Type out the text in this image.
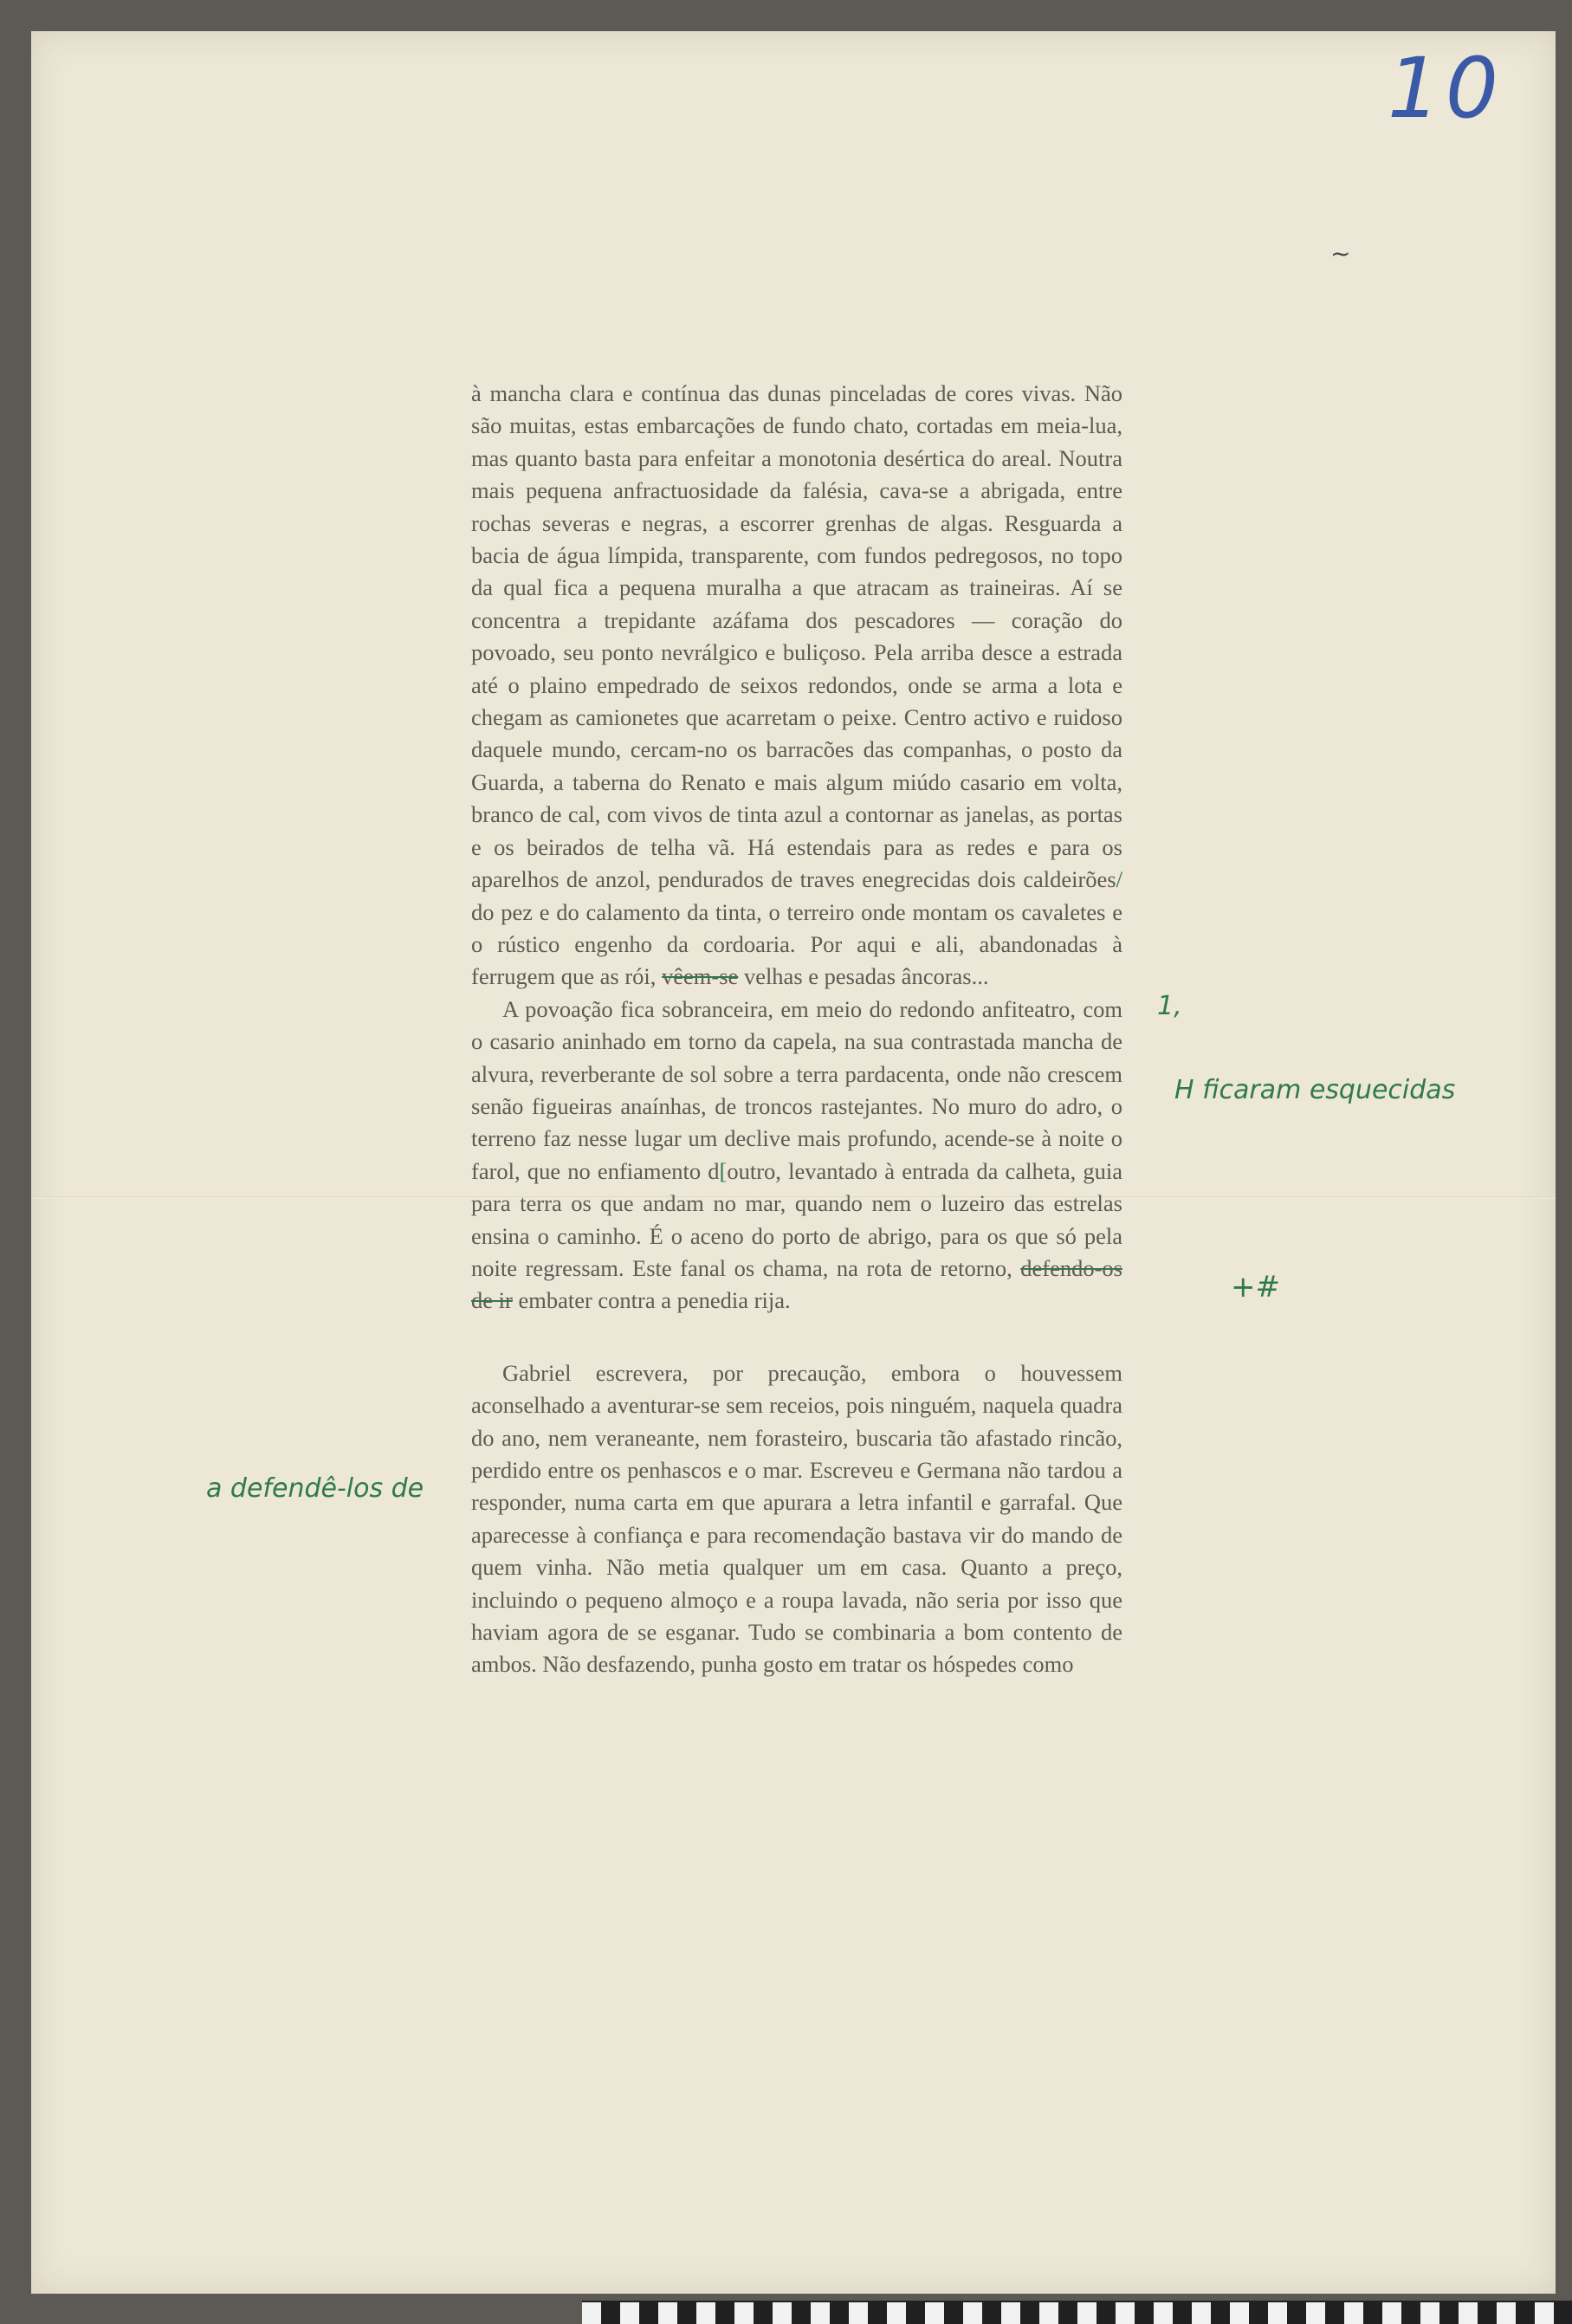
10
~

à mancha clara e contínua das dunas pinceladas de cores vivas. Não são muitas, estas embarcações de fundo chato, cortadas em meia-lua, mas quanto basta para enfeitar a monotonia desértica do areal. Noutra mais pequena anfractuosidade da falésia, cava-se a abrigada, entre rochas severas e negras, a escorrer grenhas de algas. Resguarda a bacia de água límpida, transparente, com fundos pedregosos, no topo da qual fica a pequena muralha a que atracam as traineiras. Aí se concentra a trepidante azáfama dos pescadores — coração do povoado, seu ponto nevrálgico e buliçoso. Pela arriba desce a estrada até o plaino empedrado de seixos redondos, onde se arma a lota e chegam as camionetes que acarretam o peixe. Centro activo e ruidoso daquele mundo, cercam-no os barracões das companhas, o posto da Guarda, a taberna do Renato e mais algum miúdo casario em volta, branco de cal, com vivos de tinta azul a contornar as janelas, as portas e os beirados de telha vã. Há estendais para as redes e para os aparelhos de anzol, pendurados de traves enegrecidas dois caldeirões/ do pez e do calamento da tinta, o terreiro onde montam os cavaletes e o rústico engenho da cordoaria. Por aqui e ali, abandonadas à ferrugem que as rói, vêem-se velhas e pesadas âncoras...

A povoação fica sobranceira, em meio do redondo anfiteatro, com o casario aninhado em torno da capela, na sua contrastada mancha de alvura, reverberante de sol sobre a terra pardacenta, onde não crescem senão figueiras anaínhas, de troncos rastejantes. No muro do adro, o terreno faz nesse lugar um declive mais profundo, acende-se à noite o farol, que no enfiamento d[outro, levantado à entrada da calheta, guia para terra os que andam no mar, quando nem o luzeiro das estrelas ensina o caminho. É o aceno do porto de abrigo, para os que só pela noite regressam. Este fanal os chama, na rota de retorno, defendo-os de ir embater contra a penedia rija.

Gabriel escrevera, por precaução, embora o houvessem aconselhado a aventurar-se sem receios, pois ninguém, naquela quadra do ano, nem veraneante, nem forasteiro, buscaria tão afastado rincão, perdido entre os penhascos e o mar. Escreveu e Germana não tardou a responder, numa carta em que apurara a letra infantil e garrafal. Que aparecesse à confiança e para recomendação bastava vir do mando de quem vinha. Não metia qualquer um em casa. Quanto a preço, incluindo o pequeno almoço e a roupa lavada, não seria por isso que haviam agora de se esganar. Tudo se combinaria a bom contento de ambos. Não desfazendo, punha gosto em tratar os hóspedes como

1,
H ficaram esquecidas
+#
a defendê-los de
